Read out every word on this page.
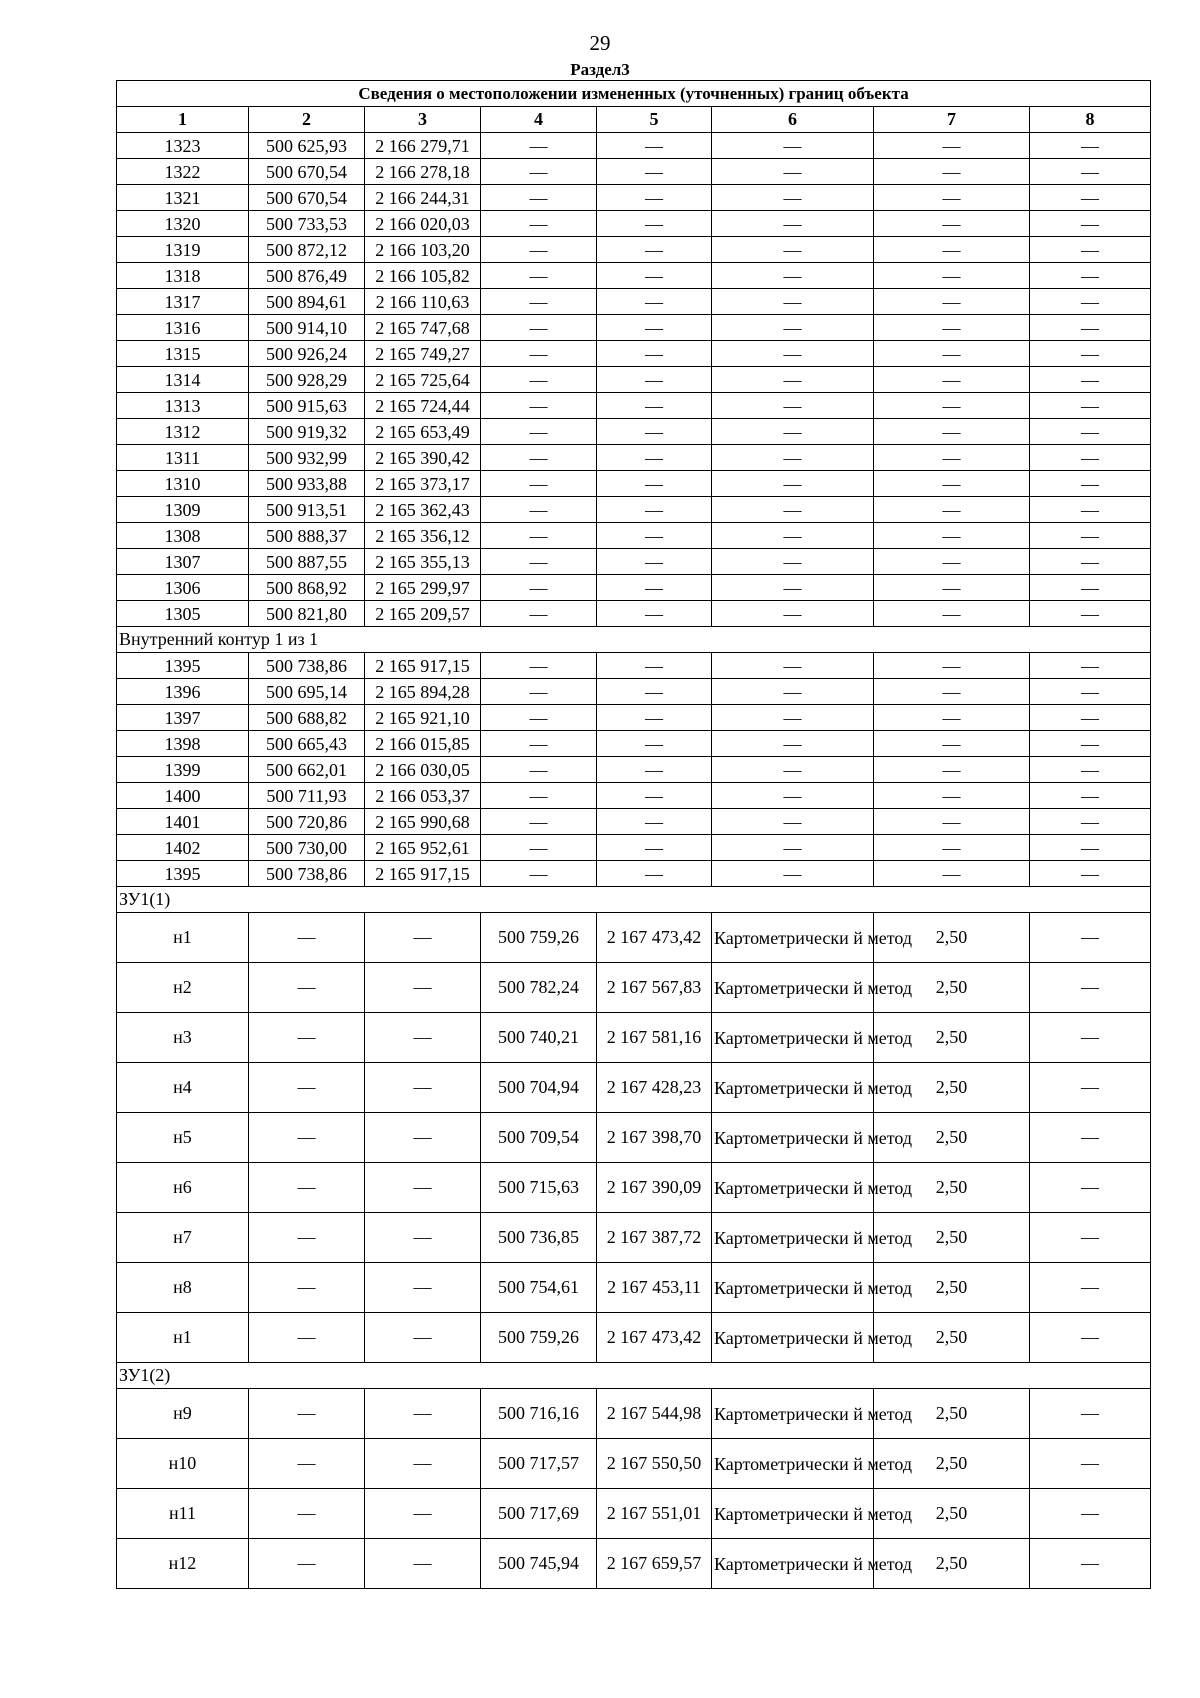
29
Раздел3
Сведения о местоположении измененных (уточненных) границ объекта							
1	2	3	4	5	6	7	8
1323	500 625,93	2 166 279,71	—	—	—	—	—
1322	500 670,54	2 166 278,18	—	—	—	—	—
1321	500 670,54	2 166 244,31	—	—	—	—	—
1320	500 733,53	2 166 020,03	—	—	—	—	—
1319	500 872,12	2 166 103,20	—	—	—	—	—
1318	500 876,49	2 166 105,82	—	—	—	—	—
1317	500 894,61	2 166 110,63	—	—	—	—	—
1316	500 914,10	2 165 747,68	—	—	—	—	—
1315	500 926,24	2 165 749,27	—	—	—	—	—
1314	500 928,29	2 165 725,64	—	—	—	—	—
1313	500 915,63	2 165 724,44	—	—	—	—	—
1312	500 919,32	2 165 653,49	—	—	—	—	—
1311	500 932,99	2 165 390,42	—	—	—	—	—
1310	500 933,88	2 165 373,17	—	—	—	—	—
1309	500 913,51	2 165 362,43	—	—	—	—	—
1308	500 888,37	2 165 356,12	—	—	—	—	—
1307	500 887,55	2 165 355,13	—	—	—	—	—
1306	500 868,92	2 165 299,97	—	—	—	—	—
1305	500 821,80	2 165 209,57	—	—	—	—	—
Внутренний контур 1 из 1							
1395	500 738,86	2 165 917,15	—	—	—	—	—
1396	500 695,14	2 165 894,28	—	—	—	—	—
1397	500 688,82	2 165 921,10	—	—	—	—	—
1398	500 665,43	2 166 015,85	—	—	—	—	—
1399	500 662,01	2 166 030,05	—	—	—	—	—
1400	500 711,93	2 166 053,37	—	—	—	—	—
1401	500 720,86	2 165 990,68	—	—	—	—	—
1402	500 730,00	2 165 952,61	—	—	—	—	—
1395	500 738,86	2 165 917,15	—	—	—	—	—
ЗУ1(1)							
н1	—	—	500 759,26	2 167 473,42	Картометрически й метод	2,50	—
н2	—	—	500 782,24	2 167 567,83	Картометрически й метод	2,50	—
н3	—	—	500 740,21	2 167 581,16	Картометрически й метод	2,50	—
н4	—	—	500 704,94	2 167 428,23	Картометрически й метод	2,50	—
н5	—	—	500 709,54	2 167 398,70	Картометрически й метод	2,50	—
н6	—	—	500 715,63	2 167 390,09	Картометрически й метод	2,50	—
н7	—	—	500 736,85	2 167 387,72	Картометрически й метод	2,50	—
н8	—	—	500 754,61	2 167 453,11	Картометрически й метод	2,50	—
н1	—	—	500 759,26	2 167 473,42	Картометрически й метод	2,50	—
ЗУ1(2)							
н9	—	—	500 716,16	2 167 544,98	Картометрически й метод	2,50	—
н10	—	—	500 717,57	2 167 550,50	Картометрически й метод	2,50	—
н11	—	—	500 717,69	2 167 551,01	Картометрически й метод	2,50	—
н12	—	—	500 745,94	2 167 659,57	Картометрически й метод	2,50	—
